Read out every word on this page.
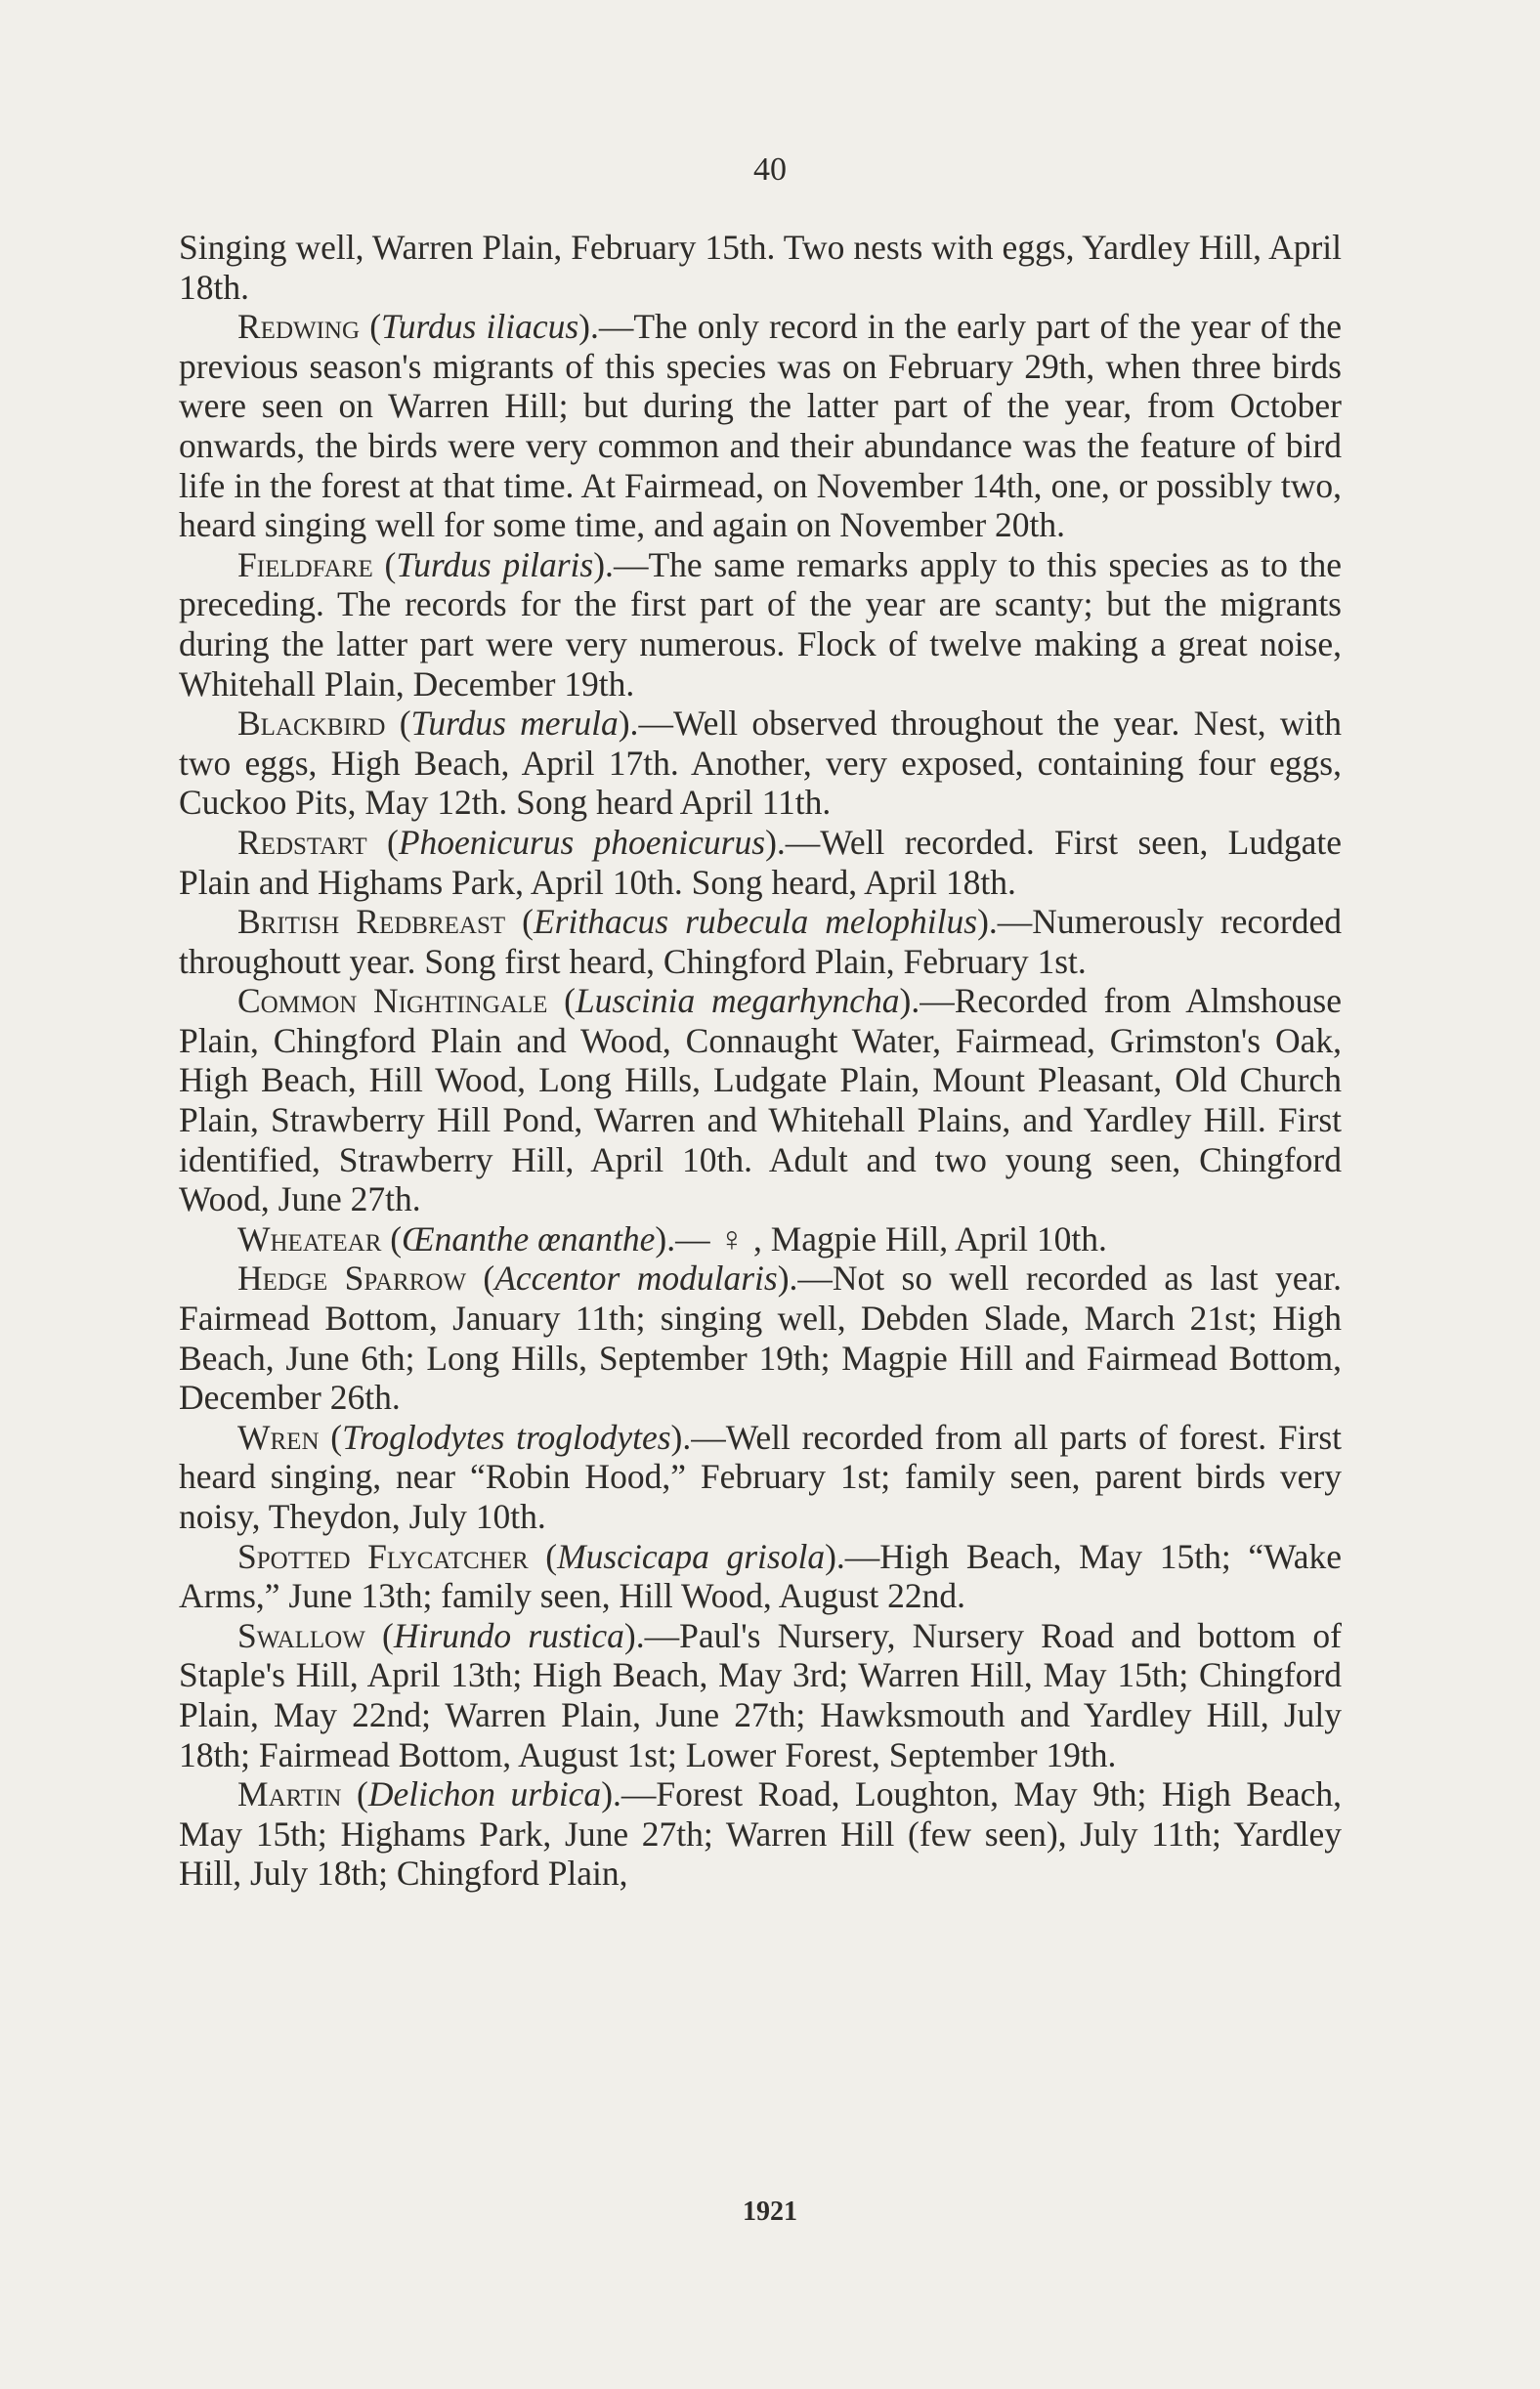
40

Singing well, Warren Plain, February 15th. Two nests with eggs, Yardley Hill, April 18th.

Redwing (Turdus iliacus).—The only record in the early part of the year of the previous season's migrants of this species was on February 29th, when three birds were seen on Warren Hill; but during the latter part of the year, from October onwards, the birds were very common and their abundance was the feature of bird life in the forest at that time. At Fairmead, on November 14th, one, or possibly two, heard singing well for some time, and again on November 20th.

Fieldfare (Turdus pilaris).—The same remarks apply to this species as to the preceding. The records for the first part of the year are scanty; but the migrants during the latter part were very numerous. Flock of twelve making a great noise, Whitehall Plain, December 19th.

Blackbird (Turdus merula).—Well observed throughout the year. Nest, with two eggs, High Beach, April 17th. Another, very exposed, containing four eggs, Cuckoo Pits, May 12th. Song heard April 11th.

Redstart (Phoenicurus phoenicurus).—Well recorded. First seen, Ludgate Plain and Highams Park, April 10th. Song heard, April 18th.

British Redbreast (Erithacus rubecula melophilus).—Numerously recorded throughoutt year. Song first heard, Chingford Plain, February 1st.

Common Nightingale (Luscinia megarhyncha).—Recorded from Almshouse Plain, Chingford Plain and Wood, Connaught Water, Fairmead, Grimston's Oak, High Beach, Hill Wood, Long Hills, Ludgate Plain, Mount Pleasant, Old Church Plain, Strawberry Hill Pond, Warren and Whitehall Plains, and Yardley Hill. First identified, Strawberry Hill, April 10th. Adult and two young seen, Chingford Wood, June 27th.

Wheatear (Œnanthe œnanthe).— ♀ , Magpie Hill, April 10th.

Hedge Sparrow (Accentor modularis).—Not so well recorded as last year. Fairmead Bottom, January 11th; singing well, Debden Slade, March 21st; High Beach, June 6th; Long Hills, September 19th; Magpie Hill and Fairmead Bottom, December 26th.

Wren (Troglodytes troglodytes).—Well recorded from all parts of forest. First heard singing, near “Robin Hood,” February 1st; family seen, parent birds very noisy, Theydon, July 10th.

Spotted Flycatcher (Muscicapa grisola).—High Beach, May 15th; “Wake Arms,” June 13th; family seen, Hill Wood, August 22nd.

Swallow (Hirundo rustica).—Paul's Nursery, Nursery Road and bottom of Staple's Hill, April 13th; High Beach, May 3rd; Warren Hill, May 15th; Chingford Plain, May 22nd; Warren Plain, June 27th; Hawksmouth and Yardley Hill, July 18th; Fairmead Bottom, August 1st; Lower Forest, September 19th.

Martin (Delichon urbica).—Forest Road, Loughton, May 9th; High Beach, May 15th; Highams Park, June 27th; Warren Hill (few seen), July 11th; Yardley Hill, July 18th; Chingford Plain,

1921
